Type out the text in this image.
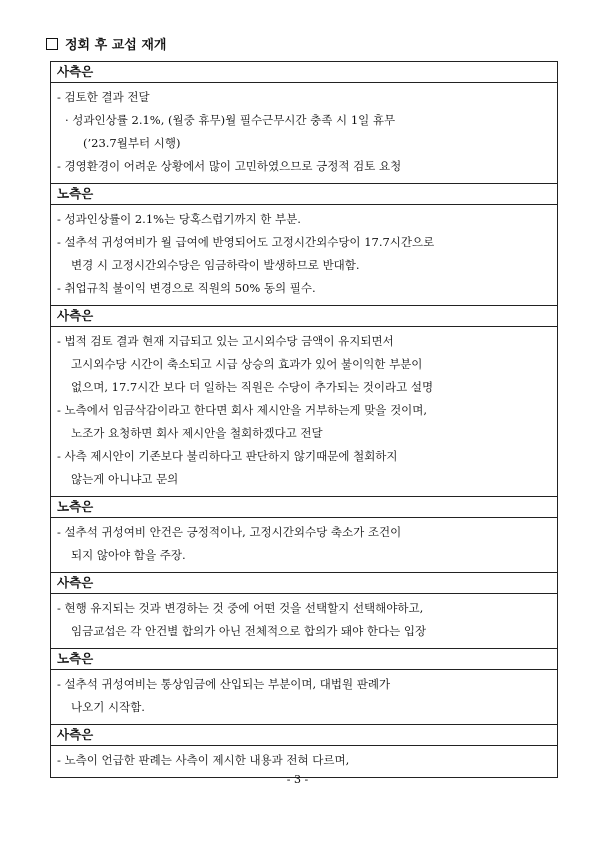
정회 후 교섭 재개
사측은
- 검토한 결과 전달
· 성과인상률 2.1%, (월중 휴무)월 필수근무시간 충족 시 1일 휴무
(’23.7월부터 시행)
- 경영환경이 어려운 상황에서 많이 고민하였으므로 긍정적 검토 요청
노측은
- 성과인상률이 2.1%는 당혹스럽기까지 한 부분.
- 설추석 귀성여비가 월 급여에 반영되어도 고정시간외수당이 17.7시간으로
변경 시 고정시간외수당은 임금하락이 발생하므로 반대함.
- 취업규칙 불이익 변경으로 직원의 50% 동의 필수.
사측은
- 법적 검토 결과 현재 지급되고 있는 고시외수당 금액이 유지되면서
고시외수당 시간이 축소되고 시급 상승의 효과가 있어 불이익한 부분이
없으며, 17.7시간 보다 더 일하는 직원은 수당이 추가되는 것이라고 설명
- 노측에서 임금삭감이라고 한다면 회사 제시안을 거부하는게 맞을 것이며,
노조가 요청하면 회사 제시안을 철회하겠다고 전달
- 사측 제시안이 기존보다 불리하다고 판단하지 않기때문에 철회하지
않는게 아니냐고 문의
노측은
- 설추석 귀성여비 안건은 긍정적이나, 고정시간외수당 축소가 조건이
되지 않아야 함을 주장.
사측은
- 현행 유지되는 것과 변경하는 것 중에 어떤 것을 선택할지 선택해야하고,
임금교섭은 각 안건별 합의가 아닌 전체적으로 합의가 돼야 한다는 입장
노측은
- 설추석 귀성여비는 통상임금에 산입되는 부분이며, 대법원 판례가
나오기 시작함.
사측은
- 노측이 언급한 판례는 사측이 제시한 내용과 전혀 다르며,
- 3 -
